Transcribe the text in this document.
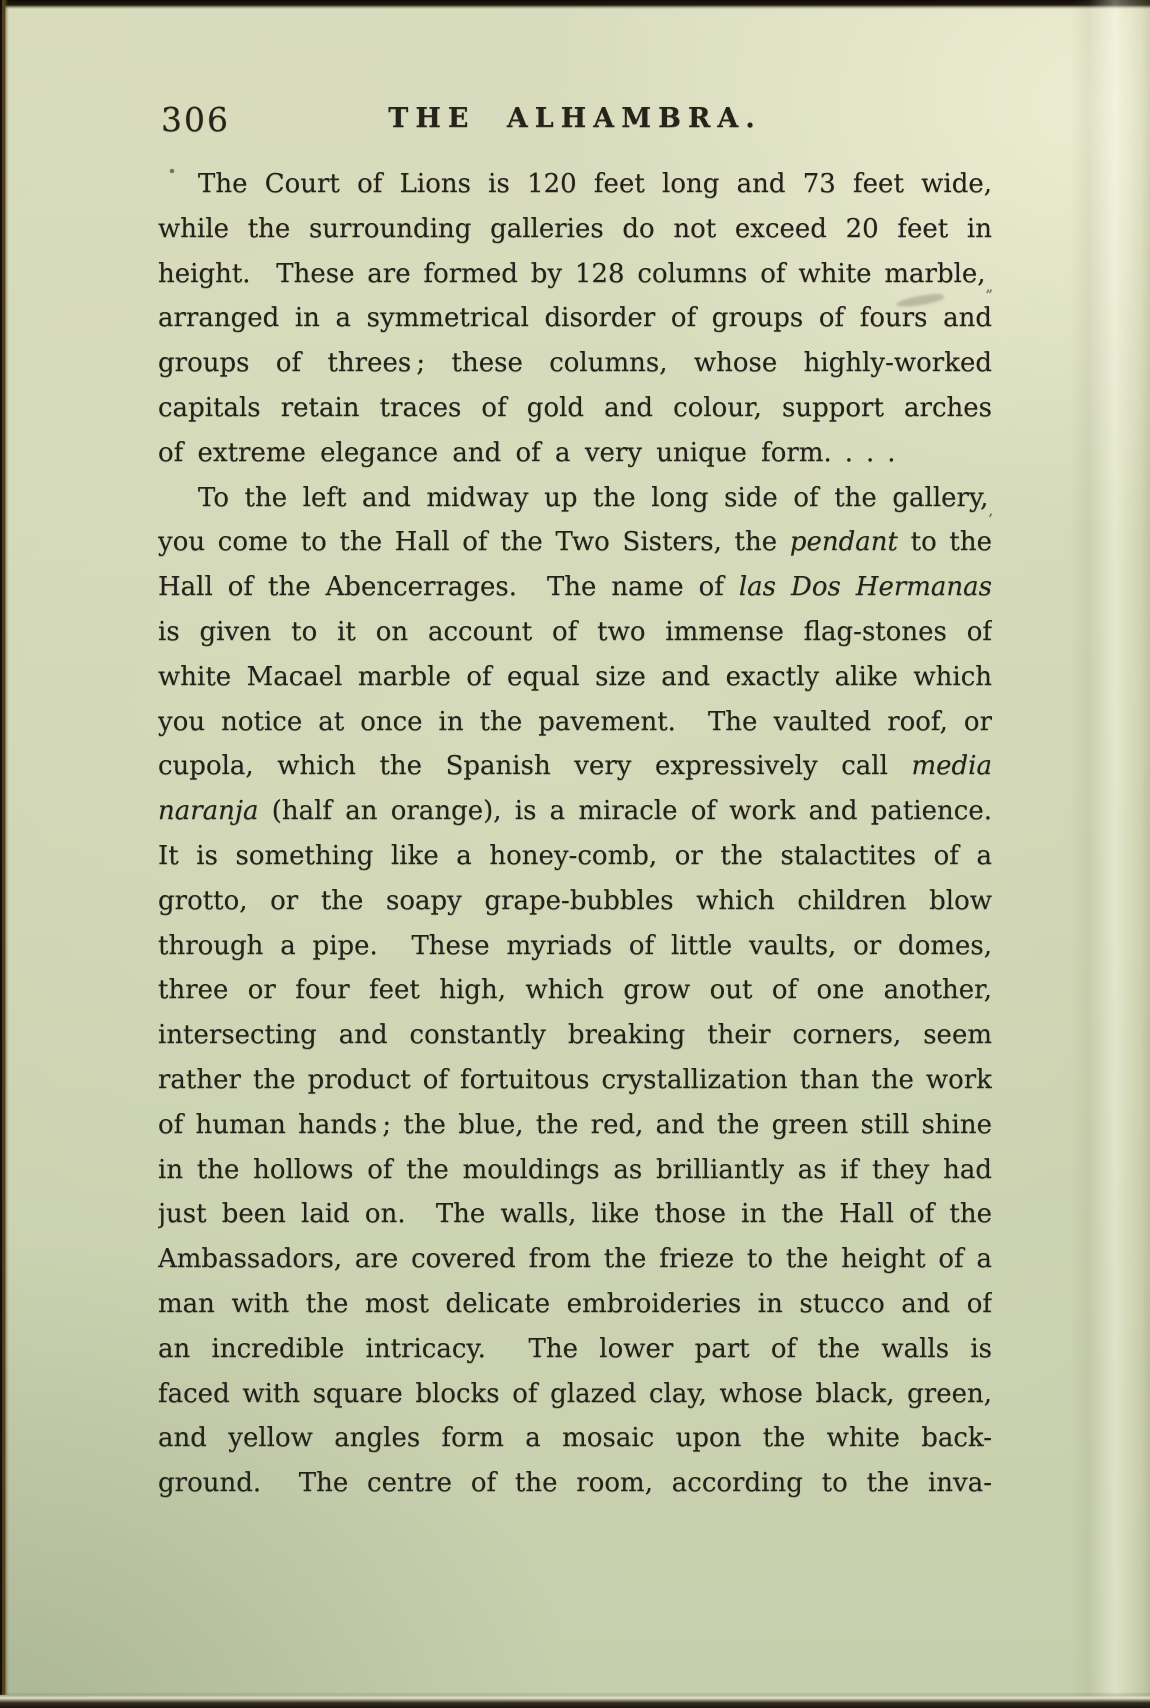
306	THE ALHAMBRA.
The Court of Lions is 120 feet long and 73 feet wide,
while the surrounding galleries do not exceed 20 feet in
height.  These are formed by 128 columns of white marble,„
arranged in a symmetrical disorder of groups of fours and
groups of threes ; these columns, whose highly-worked
capitals retain traces of gold and colour, support arches
of extreme elegance and of a very unique form. . . .
To the left and midway up the long side of the gallery,,
you come to the Hall of the Two Sisters, the pendant to the
Hall of the Abencerrages.  The name of las Dos Hermanas
is given to it on account of two immense flag-stones of
white Macael marble of equal size and exactly alike which
you notice at once in the pavement.  The vaulted roof, or
cupola, which the Spanish very expressively call media
naranja (half an orange), is a miracle of work and patience.
It is something like a honey-comb, or the stalactites of a
grotto, or the soapy grape-bubbles which children blow
through a pipe.  These myriads of little vaults, or domes,
three or four feet high, which grow out of one another,
intersecting and constantly breaking their corners, seem
rather the product of fortuitous crystallization than the work
of human hands ; the blue, the red, and the green still shine
in the hollows of the mouldings as brilliantly as if they had
just been laid on.  The walls, like those in the Hall of the
Ambassadors, are covered from the frieze to the height of a
man with the most delicate embroideries in stucco and of
an incredible intricacy.  The lower part of the walls is
faced with square blocks of glazed clay, whose black, green,
and yellow angles form a mosaic upon the white back-
ground.  The centre of the room, according to the inva-
